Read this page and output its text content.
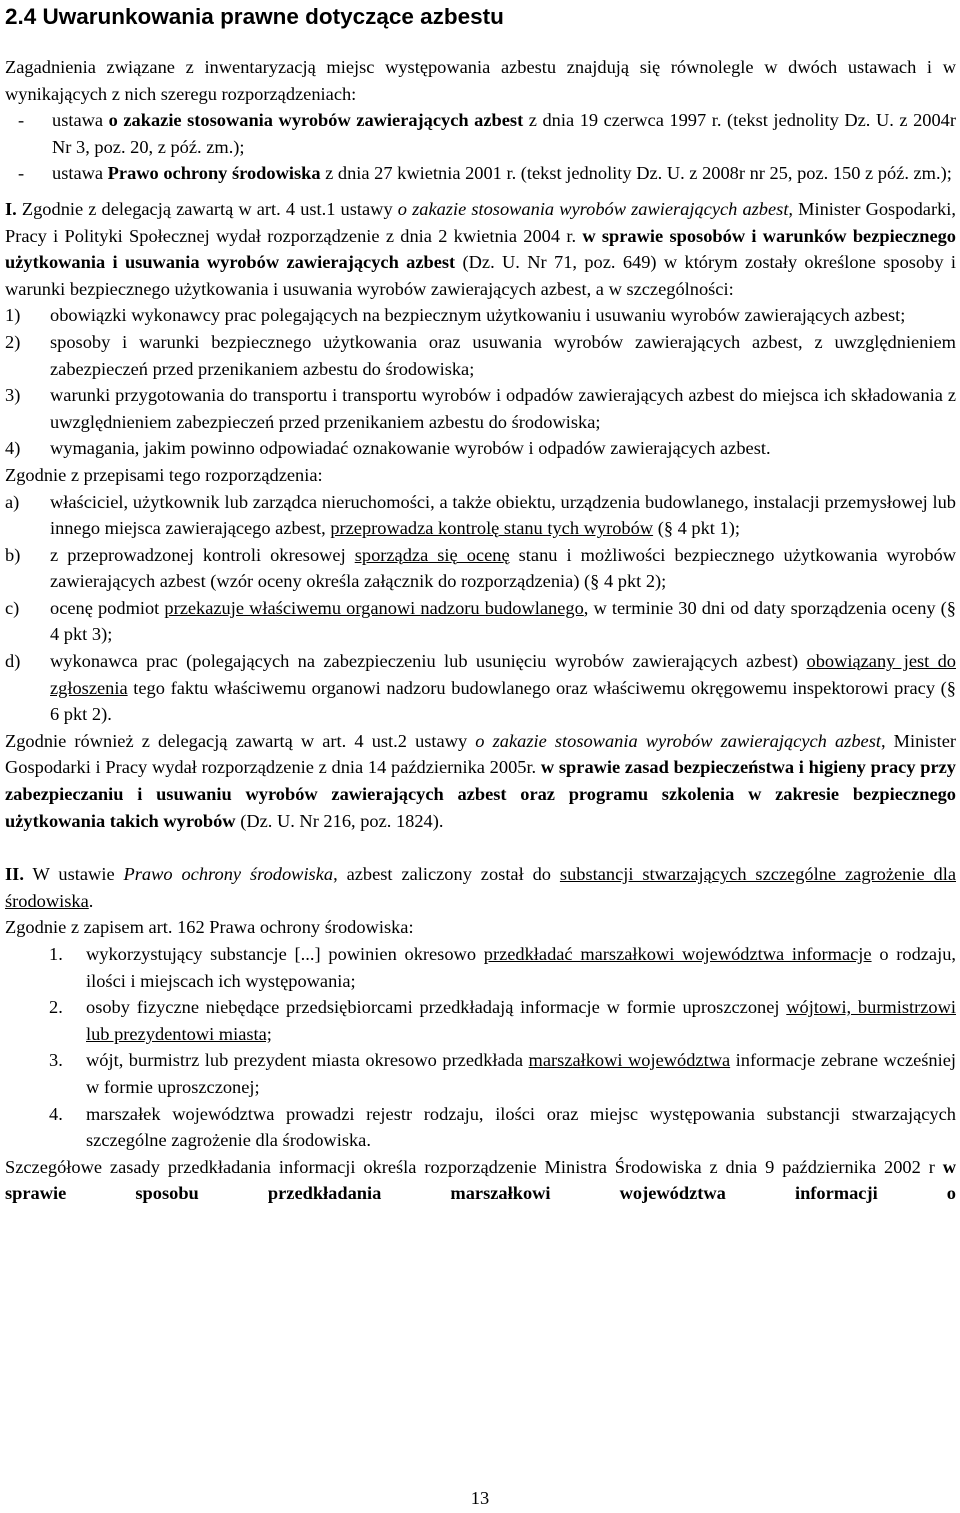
2.4 Uwarunkowania prawne dotyczące azbestu

Zagadnienia związane z inwentaryzacją miejsc występowania azbestu znajdują się równolegle w dwóch ustawach i w wynikających z nich szeregu rozporządzeniach:

-	ustawa o zakazie stosowania wyrobów zawierających azbest z dnia 19 czerwca 1997 r. (tekst jednolity Dz. U. z 2004r Nr 3, poz. 20, z póź. zm.);
-	ustawa Prawo ochrony środowiska z dnia 27 kwietnia 2001 r. (tekst jednolity Dz. U. z 2008r nr 25, poz. 150 z póź. zm.);

I. Zgodnie z delegacją zawartą w art. 4 ust.1 ustawy o zakazie stosowania wyrobów zawierających azbest, Minister Gospodarki, Pracy i Polityki Społecznej wydał rozporządzenie z dnia 2 kwietnia 2004 r. w sprawie sposobów i warunków bezpiecznego użytkowania i usuwania wyrobów zawierających azbest (Dz. U. Nr 71, poz. 649) w którym zostały określone sposoby i warunki bezpiecznego użytkowania i usuwania wyrobów zawierających azbest, a w szczególności:

1)	obowiązki wykonawcy prac polegających na bezpiecznym użytkowaniu i usuwaniu wyrobów zawierających azbest;
2)	sposoby i warunki bezpiecznego użytkowania oraz usuwania wyrobów zawierających azbest, z uwzględnieniem zabezpieczeń przed przenikaniem azbestu do środowiska;
3)	warunki przygotowania do transportu i transportu wyrobów i odpadów zawierających azbest do miejsca ich składowania z uwzględnieniem zabezpieczeń przed przenikaniem azbestu do środowiska;
4)	wymagania, jakim powinno odpowiadać oznakowanie wyrobów i odpadów zawierających azbest.

Zgodnie z przepisami tego rozporządzenia:

a)	właściciel, użytkownik lub zarządca nieruchomości, a także obiektu, urządzenia budowlanego, instalacji przemysłowej lub innego miejsca zawierającego azbest, przeprowadza kontrolę stanu tych wyrobów (§ 4 pkt 1);
b)	z przeprowadzonej kontroli okresowej sporządza się ocenę stanu i możliwości bezpiecznego użytkowania wyrobów zawierających azbest (wzór oceny określa załącznik do rozporządzenia) (§ 4 pkt 2);
c)	ocenę podmiot przekazuje właściwemu organowi nadzoru budowlanego, w terminie 30 dni od daty sporządzenia oceny (§ 4 pkt 3);
d)	wykonawca prac (polegających na zabezpieczeniu lub usunięciu wyrobów zawierających azbest) obowiązany jest do zgłoszenia tego faktu właściwemu organowi nadzoru budowlanego oraz właściwemu okręgowemu inspektorowi pracy (§ 6 pkt 2).

Zgodnie również z delegacją zawartą w art. 4 ust.2 ustawy o zakazie stosowania wyrobów zawierających azbest, Minister Gospodarki i Pracy wydał rozporządzenie z dnia 14 października 2005r. w sprawie zasad bezpieczeństwa i higieny pracy przy zabezpieczaniu i usuwaniu wyrobów zawierających azbest oraz programu szkolenia w zakresie bezpiecznego użytkowania takich wyrobów (Dz. U. Nr 216, poz. 1824).

II. W ustawie Prawo ochrony środowiska, azbest zaliczony został do substancji stwarzających szczególne zagrożenie dla środowiska.

Zgodnie z zapisem art. 162 Prawa ochrony środowiska:

1.	wykorzystujący substancje [...] powinien okresowo przedkładać marszałkowi województwa informacje o rodzaju, ilości i miejscach ich występowania;
2.	osoby fizyczne niebędące przedsiębiorcami przedkładają informacje w formie uproszczonej wójtowi, burmistrzowi lub prezydentowi miasta;
3.	wójt, burmistrz lub prezydent miasta okresowo przedkłada marszałkowi województwa informacje zebrane wcześniej w formie uproszczonej;
4.	marszałek województwa prowadzi rejestr rodzaju, ilości oraz miejsc występowania substancji stwarzających szczególne zagrożenie dla środowiska.

Szczegółowe zasady przedkładania informacji określa rozporządzenie Ministra Środowiska z dnia 9 października 2002 r w sprawie sposobu przedkładania marszałkowi województwa informacji o

13
